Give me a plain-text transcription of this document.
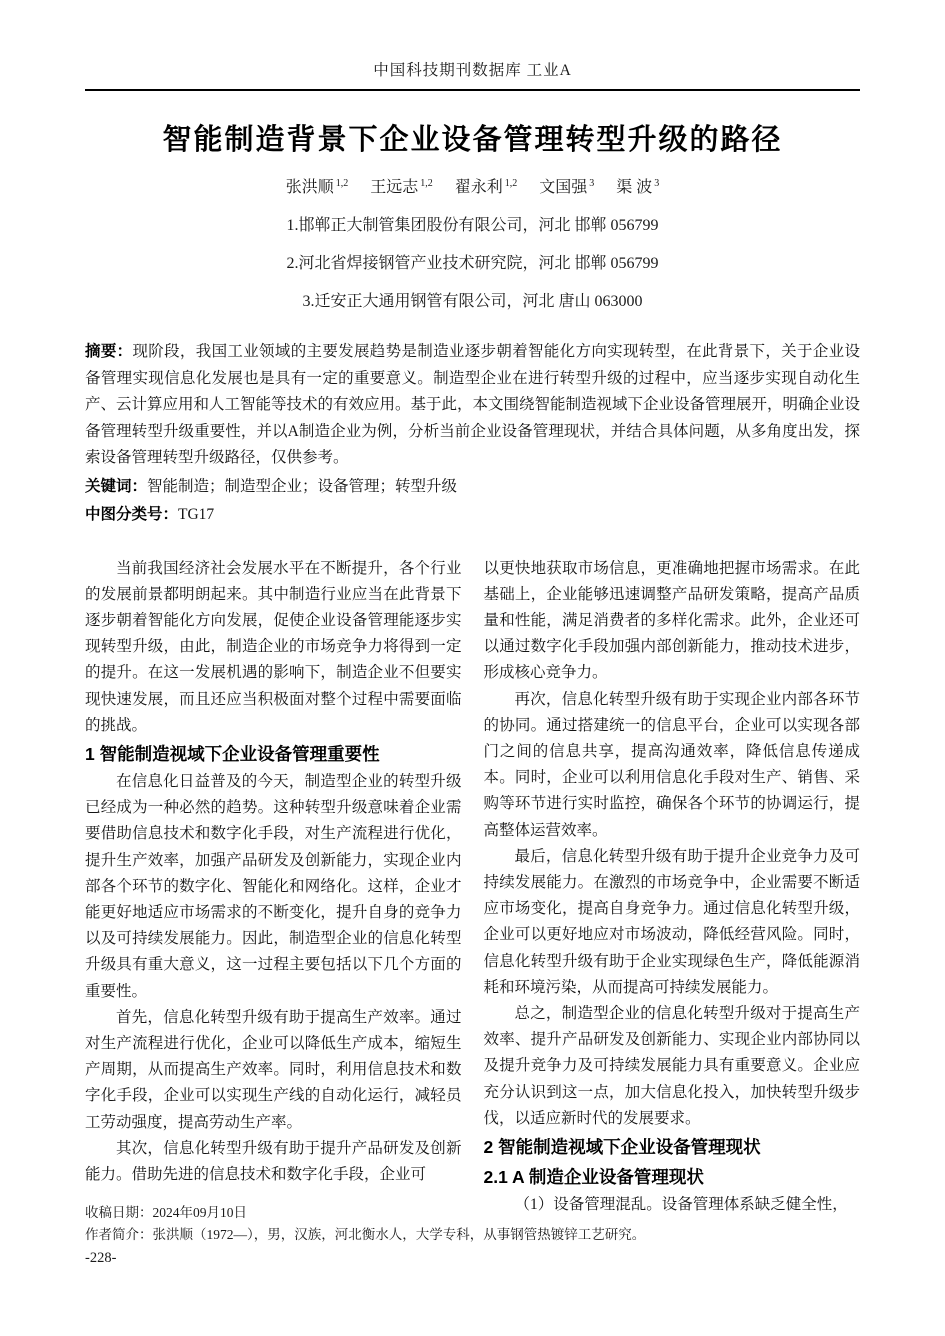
中国科技期刊数据库 工业A
智能制造背景下企业设备管理转型升级的路径
张洪顺 $^{1,2}$ 王远志 $^{1,2}$ 翟永利 $^{1,2}$ 文国强 $^3$ 渠 波 $^3$
1.邯郸正大制管集团股份有限公司，河北 邯郸 056799
2.河北省焊接钢管产业技术研究院，河北 邯郸 056799
3.迁安正大通用钢管有限公司，河北 唐山 063000
摘要：现阶段，我国工业领域的主要发展趋势是制造业逐步朝着智能化方向实现转型，在此背景下，关于企业设备管理实现信息化发展也是具有一定的重要意义。制造型企业在进行转型升级的过程中，应当逐步实现自动化生产、云计算应用和人工智能等技术的有效应用。基于此，本文围绕智能制造视域下企业设备管理展开，明确企业设备管理转型升级重要性，并以A制造企业为例，分析当前企业设备管理现状，并结合具体问题，从多角度出发，探索设备管理转型升级路径，仅供参考。
关键词：智能制造；制造型企业；设备管理；转型升级
中图分类号：TG17

当前我国经济社会发展水平在不断提升，各个行业的发展前景都明朗起来。其中制造行业应当在此背景下逐步朝着智能化方向发展，促使企业设备管理能逐步实现转型升级，由此，制造企业的市场竞争力将得到一定的提升。在这一发展机遇的影响下，制造企业不但要实现快速发展，而且还应当积极面对整个过程中需要面临的挑战。

1 智能制造视域下企业设备管理重要性

在信息化日益普及的今天，制造型企业的转型升级已经成为一种必然的趋势。这种转型升级意味着企业需要借助信息技术和数字化手段，对生产流程进行优化，提升生产效率，加强产品研发及创新能力，实现企业内部各个环节的数字化、智能化和网络化。这样，企业才能更好地适应市场需求的不断变化，提升自身的竞争力以及可持续发展能力。因此，制造型企业的信息化转型升级具有重大意义，这一过程主要包括以下几个方面的重要性。

首先，信息化转型升级有助于提高生产效率。通过对生产流程进行优化，企业可以降低生产成本，缩短生产周期，从而提高生产效率。同时，利用信息技术和数字化手段，企业可以实现生产线的自动化运行，减轻员工劳动强度，提高劳动生产率。

其次，信息化转型升级有助于提升产品研发及创新能力。借助先进的信息技术和数字化手段，企业可

以更快地获取市场信息，更准确地把握市场需求。在此基础上，企业能够迅速调整产品研发策略，提高产品质量和性能，满足消费者的多样化需求。此外，企业还可以通过数字化手段加强内部创新能力，推动技术进步，形成核心竞争力。

再次，信息化转型升级有助于实现企业内部各环节的协同。通过搭建统一的信息平台，企业可以实现各部门之间的信息共享，提高沟通效率，降低信息传递成本。同时，企业可以利用信息化手段对生产、销售、采购等环节进行实时监控，确保各个环节的协调运行，提高整体运营效率。

最后，信息化转型升级有助于提升企业竞争力及可持续发展能力。在激烈的市场竞争中，企业需要不断适应市场变化，提高自身竞争力。通过信息化转型升级，企业可以更好地应对市场波动，降低经营风险。同时，信息化转型升级有助于企业实现绿色生产，降低能源消耗和环境污染，从而提高可持续发展能力。

总之，制造型企业的信息化转型升级对于提高生产效率、提升产品研发及创新能力、实现企业内部协同以及提升竞争力及可持续发展能力具有重要意义。企业应充分认识到这一点，加大信息化投入，加快转型升级步伐，以适应新时代的发展要求。

2 智能制造视域下企业设备管理现状
2.1 A 制造企业设备管理现状

（1）设备管理混乱。设备管理体系缺乏健全性，

收稿日期：2024年09月10日
作者简介：张洪顺（1972—），男，汉族，河北衡水人，大学专科，从事钢管热镀锌工艺研究。
-228-
